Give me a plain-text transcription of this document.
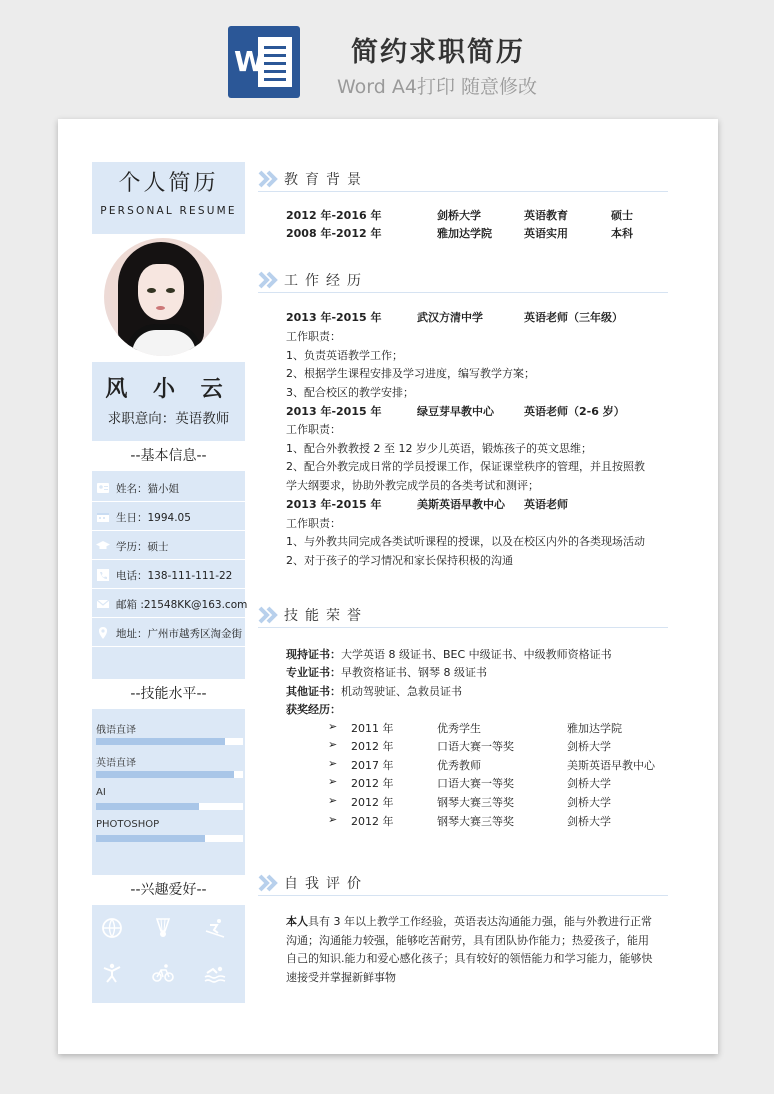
W	简约求职简历
Word A4打印 随意修改
个人简历
PERSONAL RESUME
风 小 云
求职意向：英语教师
--基本信息--
姓名：猫小姐
生日：1994.05
学历：硕士
电话：138-111-111-22
邮箱 :21548KK@163.com
地址：广州市越秀区淘金街
--技能水平--
俄语直译
英语直译
AI
PHOTOSHOP
--兴趣爱好--
教育背景
2012 年-2016 年	剑桥大学	英语教育	硕士
2008 年-2012 年	雅加达学院	英语实用	本科
工作经历
2013 年-2015 年	武汉方清中学	英语老师（三年级）
工作职责：
1、负责英语教学工作；
2、根据学生课程安排及学习进度，编写教学方案；
3、配合校区的教学安排；
2013 年-2015 年	绿豆芽早教中心	英语老师（2-6 岁）
工作职责：
1、配合外教教授 2 至 12 岁少儿英语，锻炼孩子的英文思维；
2、配合外教完成日常的学员授课工作，保证课堂秩序的管理，并且按照教
学大纲要求，协助外教完成学员的各类考试和测评；
2013 年-2015 年	美斯英语早教中心 英语老师
工作职责：
1、与外教共同完成各类试听课程的授课，以及在校区内外的各类现场活动
2、对于孩子的学习情况和家长保持积极的沟通
技能荣誉
现持证书：大学英语 8 级证书、BEC 中级证书、中级教师资格证书
专业证书：早教资格证书、钢琴 8 级证书
其他证书：机动驾驶证、急救员证书
获奖经历：
➢ 2011 年	优秀学生	雅加达学院
➢ 2012 年	口语大赛一等奖	剑桥大学
➢ 2017 年	优秀教师	美斯英语早教中心
➢ 2012 年	口语大赛一等奖	剑桥大学
➢ 2012 年	钢琴大赛三等奖	剑桥大学
➢ 2012 年	钢琴大赛三等奖	剑桥大学
自我评价
本人具有 3 年以上教学工作经验，英语表达沟通能力强，能与外教进行正常
沟通；沟通能力较强，能够吃苦耐劳，具有团队协作能力；热爱孩子，能用
自己的知识.能力和爱心感化孩子；具有较好的领悟能力和学习能力，能够快
速接受并掌握新鲜事物
